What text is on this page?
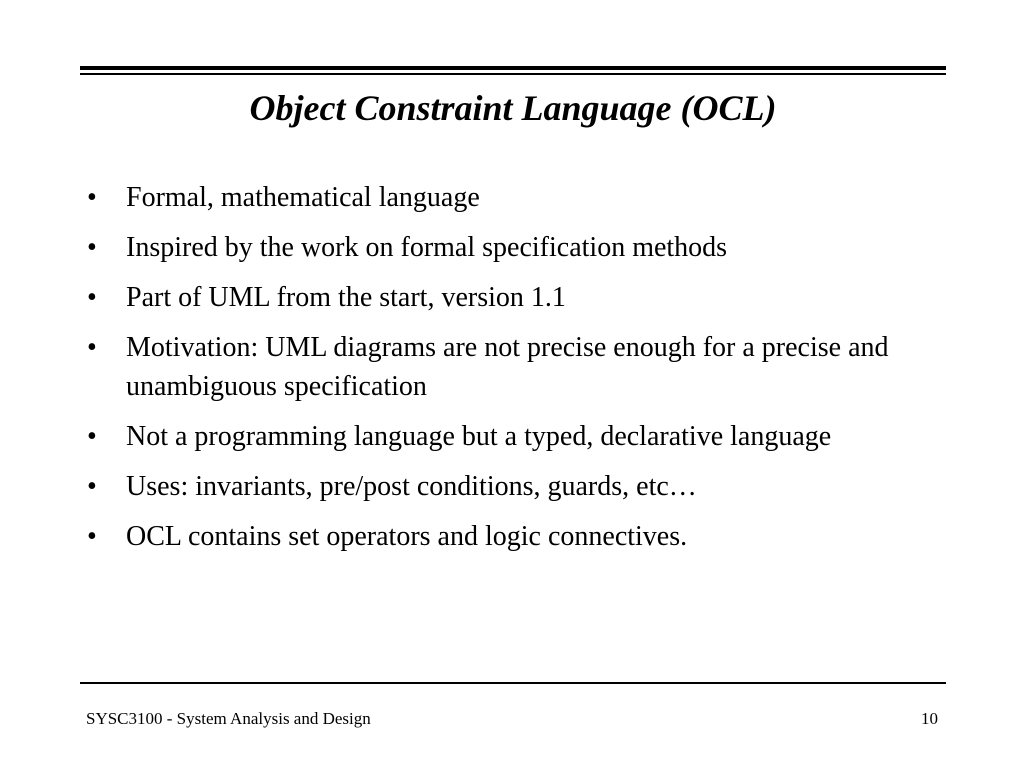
Object Constraint Language (OCL)
• Formal, mathematical language
• Inspired by the work on formal specification methods
• Part of UML from the start, version 1.1
• Motivation: UML diagrams are not precise enough for a precise and unambiguous specification
• Not a programming language but a typed, declarative language
• Uses: invariants, pre/post conditions, guards, etc…
• OCL contains set operators and logic connectives.
SYSC3100 - System Analysis and Design	10
